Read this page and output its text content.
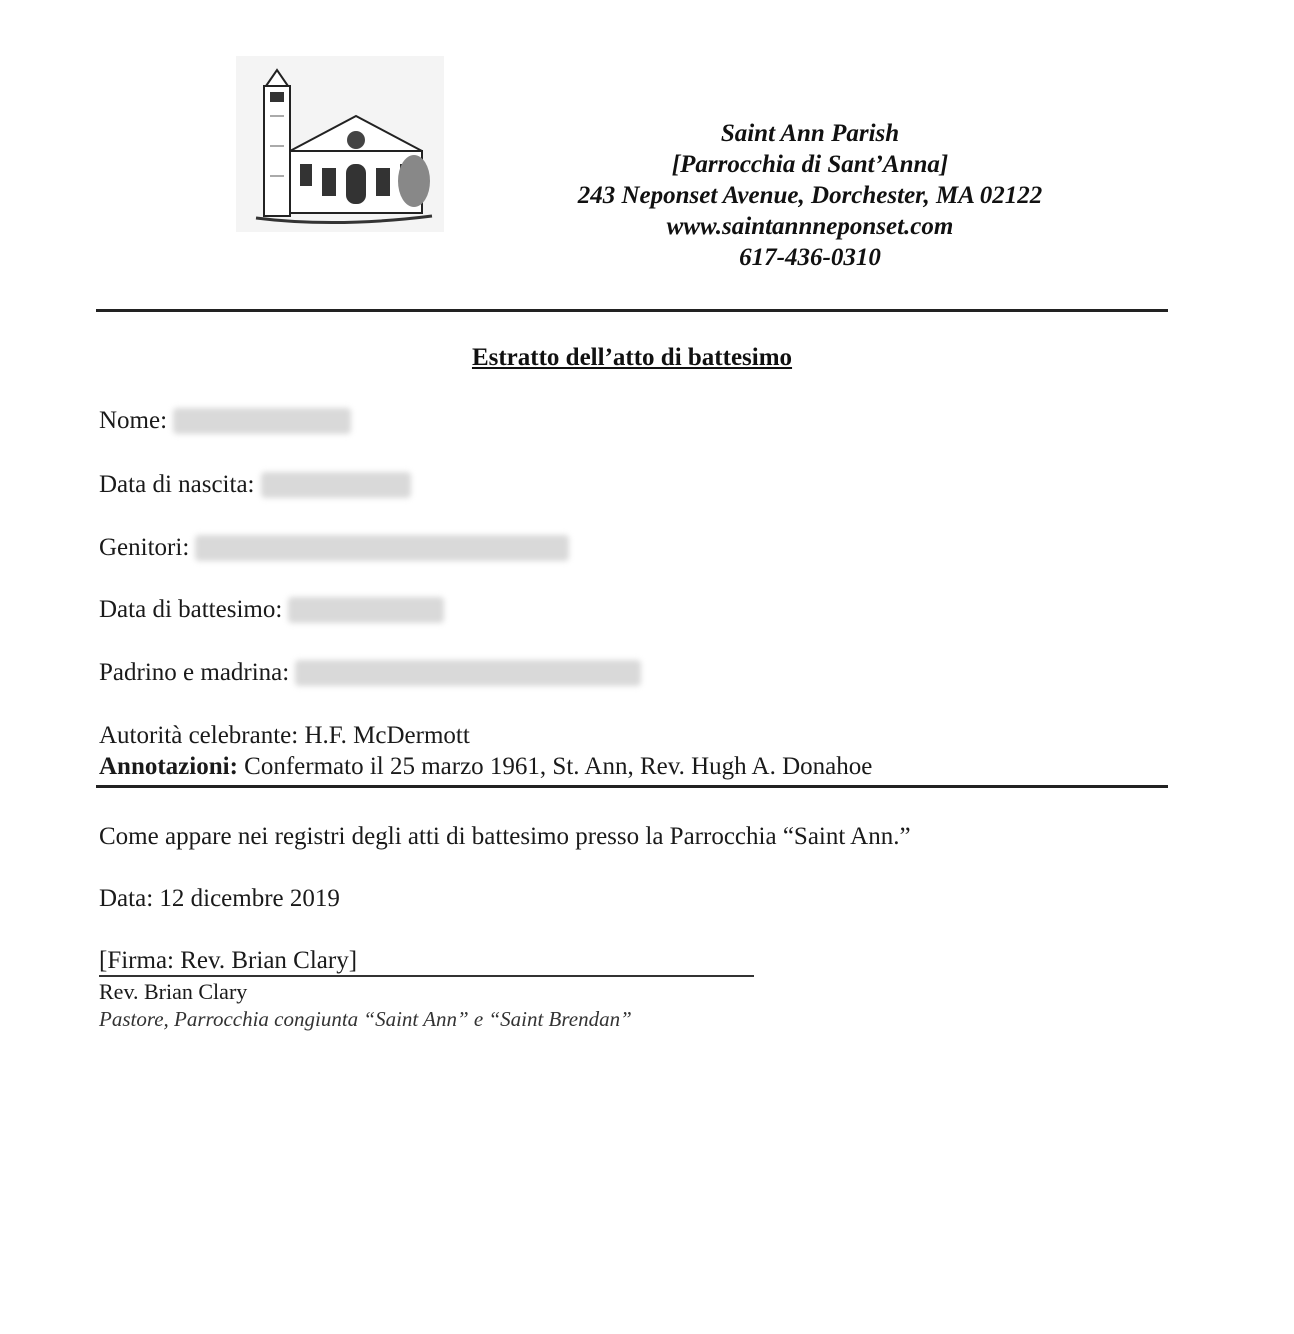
Saint Ann Parish
[Parrocchia di Sant’Anna]
243 Neponset Avenue, Dorchester, MA 02122
www.saintannneponset.com
617-436-0310
Estratto dell’atto di battesimo
Nome:
Data di nascita:
Genitori:
Data di battesimo:
Padrino e madrina:
Autorità celebrante: H.F. McDermott
Annotazioni: Confermato il 25 marzo 1961, St. Ann, Rev. Hugh A. Donahoe
Come appare nei registri degli atti di battesimo presso la Parrocchia “Saint Ann.”
Data: 12 dicembre 2019
[Firma: Rev. Brian Clary]
Rev. Brian Clary
Pastore, Parrocchia congiunta “Saint Ann” e “Saint Brendan”
